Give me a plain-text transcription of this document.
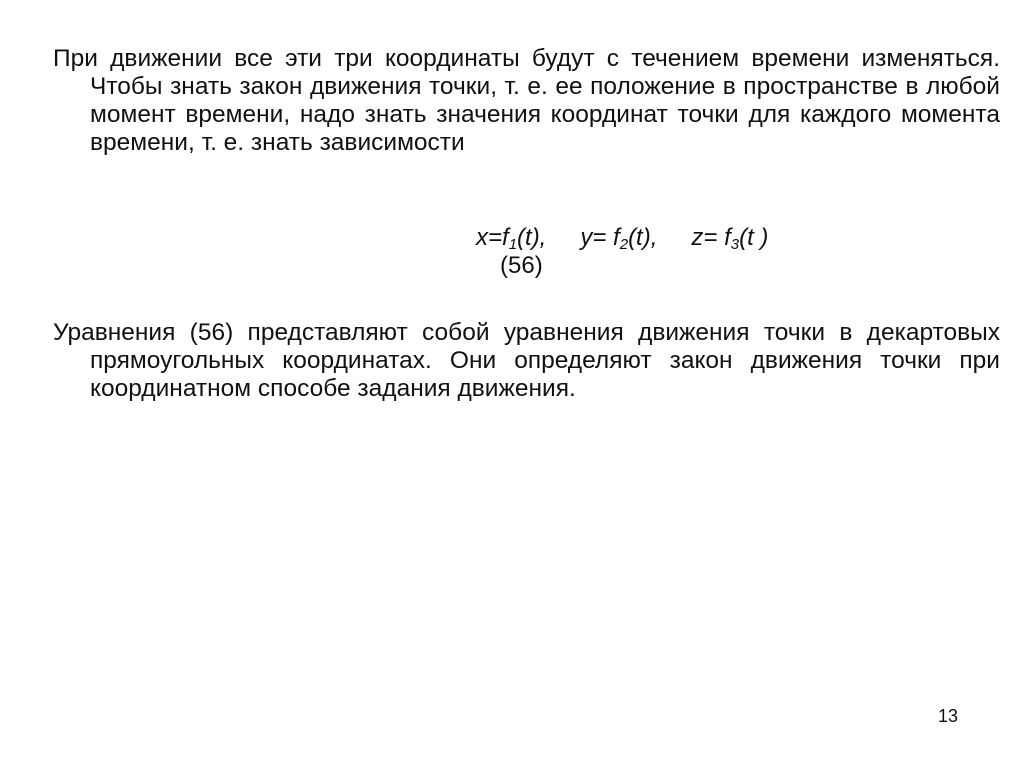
При движении все эти три координаты будут с течением времени изменяться. Чтобы знать закон движения точки, т. е. ее положение в пространстве в любой момент времени, надо знать значения координат точки для каждого момента времени, т. е. знать зависимости

$x=f_1(t)$, $y= f_2(t)$, $z= f_3(t$ )
(56)

Уравнения (56) представляют собой уравнения движения точки в декартовых прямоугольных координатах. Они определяют закон движения точки при координатном способе задания движения.

13
